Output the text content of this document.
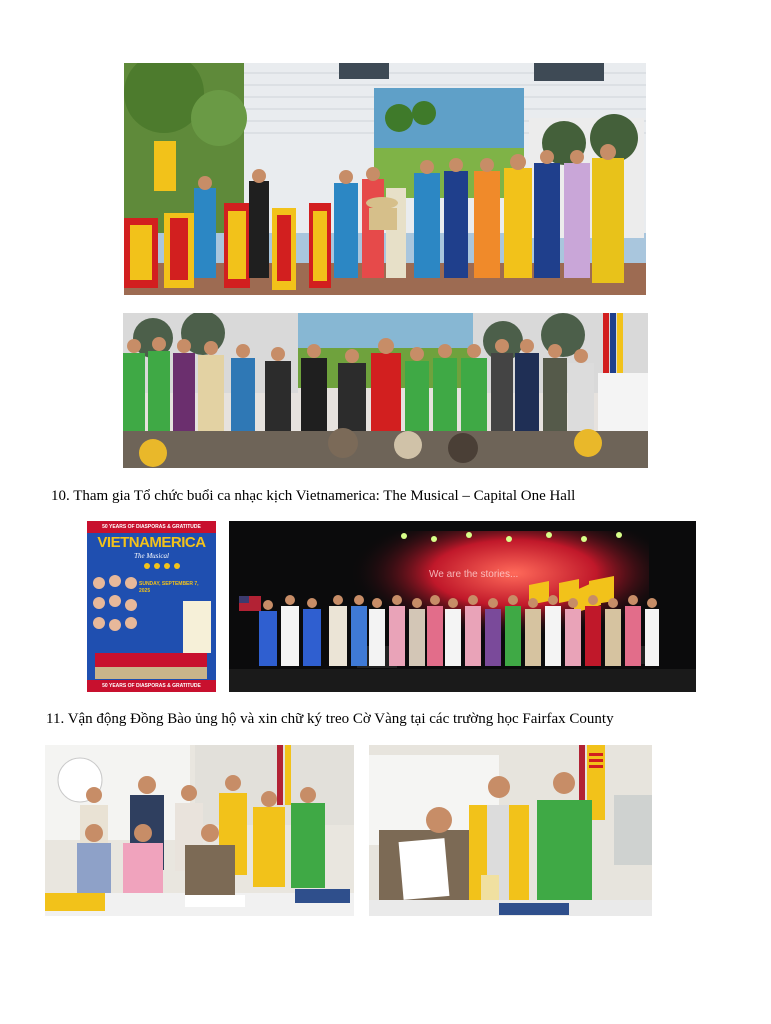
10. Tham gia Tổ chức buổi ca nhạc kịch Vietnamerica: The Musical – Capital One Hall
50 YEARS OF DIASPORAS & GRATITUDE
VIETNAMERICA
The Musical
SUNDAY, SEPTEMBER 7, 2025
50 YEARS OF DIASPORAS & GRATITUDE
We are the stories...
11. Vận động Đồng Bào ủng hộ và xin chữ ký treo Cờ Vàng tại các trường học Fairfax County
